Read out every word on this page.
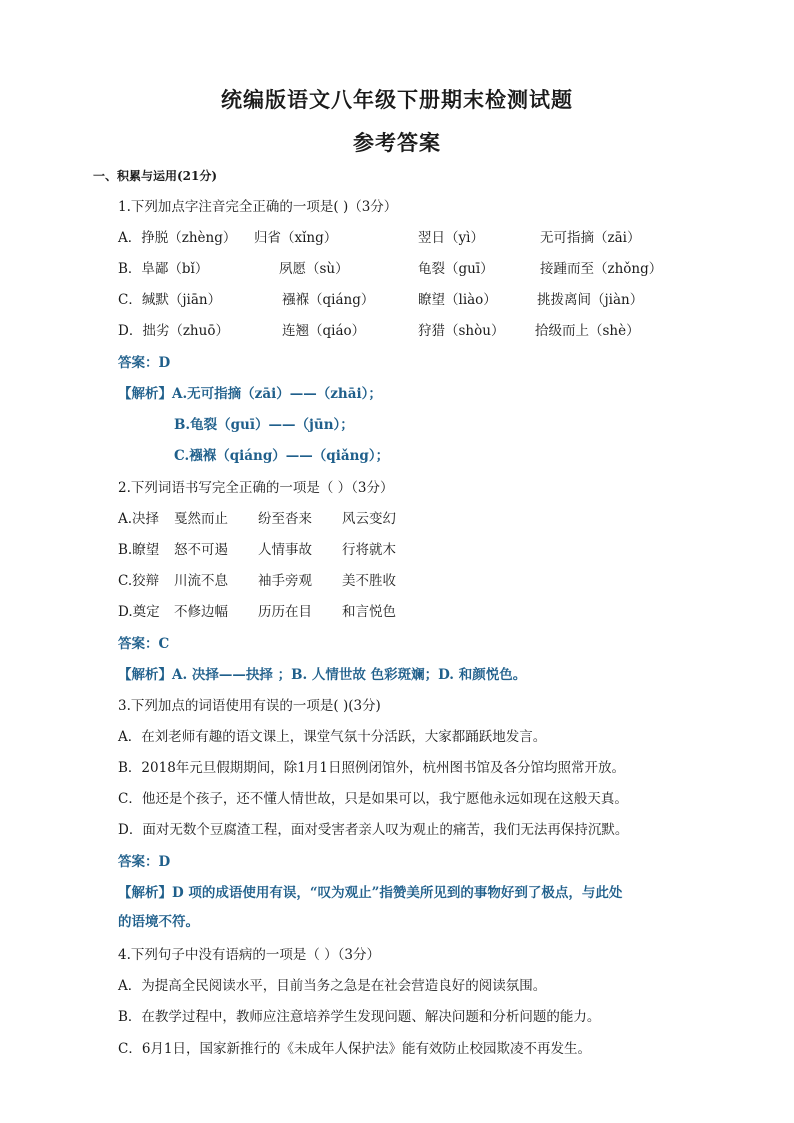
统编版语文八年级下册期末检测试题
参考答案
一、积累与运用(21分)
1.下列加点字注音完全正确的一项是( )（3分）
A．挣脱（zhèng） 归省（xǐng）	翌日（yì）	无可指摘（zāi）
B．阜鄙（bǐ）	夙愿（sù）	龟裂（guī）	接踵而至（zhǒng）
C．缄默（jiān）	襁褓（qiáng）	瞭望（liào）	挑拨离间（jiàn）
D．拙劣（zhuō）	连翘（qiáo）	狩猎（shòu） 拾级而上（shè）
答案：D
【解析】A.无可指摘（zāi）——（zhāi）；
B.龟裂（guī）——（jūn）；
C.襁褓（qiáng）——（qiǎng）；
2.下列词语书写完全正确的一项是（ ）（3分）
A.决择 戛然而止 纷至沓来 风云变幻
B.瞭望 怒不可遏 人情事故 行将就木
C.狡辩 川流不息 袖手旁观 美不胜收
D.奠定 不修边幅 历历在目 和言悦色
答案：C
【解析】A. 决择——抉择 ；B. 人情世故 色彩斑斓；D. 和颜悦色。
3.下列加点的词语使用有误的一项是( )(3分)
A．在刘老师有趣的语文课上，课堂气氛十分活跃，大家都踊跃地发言。
B．2018年元旦假期期间，除1月1日照例闭馆外，杭州图书馆及各分馆均照常开放。
C．他还是个孩子，还不懂人情世故，只是如果可以，我宁愿他永远如现在这般天真。
D．面对无数个豆腐渣工程，面对受害者亲人叹为观止的痛苦，我们无法再保持沉默。
答案：D
【解析】D 项的成语使用有误，“叹为观止”指赞美所见到的事物好到了极点，与此处
的语境不符。
4.下列句子中没有语病的一项是（ ）（3分）
A．为提高全民阅读水平，目前当务之急是在社会营造良好的阅读氛围。
B．在教学过程中，教师应注意培养学生发现问题、解决问题和分析问题的能力。
C．6月1日，国家新推行的《未成年人保护法》能有效防止校园欺凌不再发生。
